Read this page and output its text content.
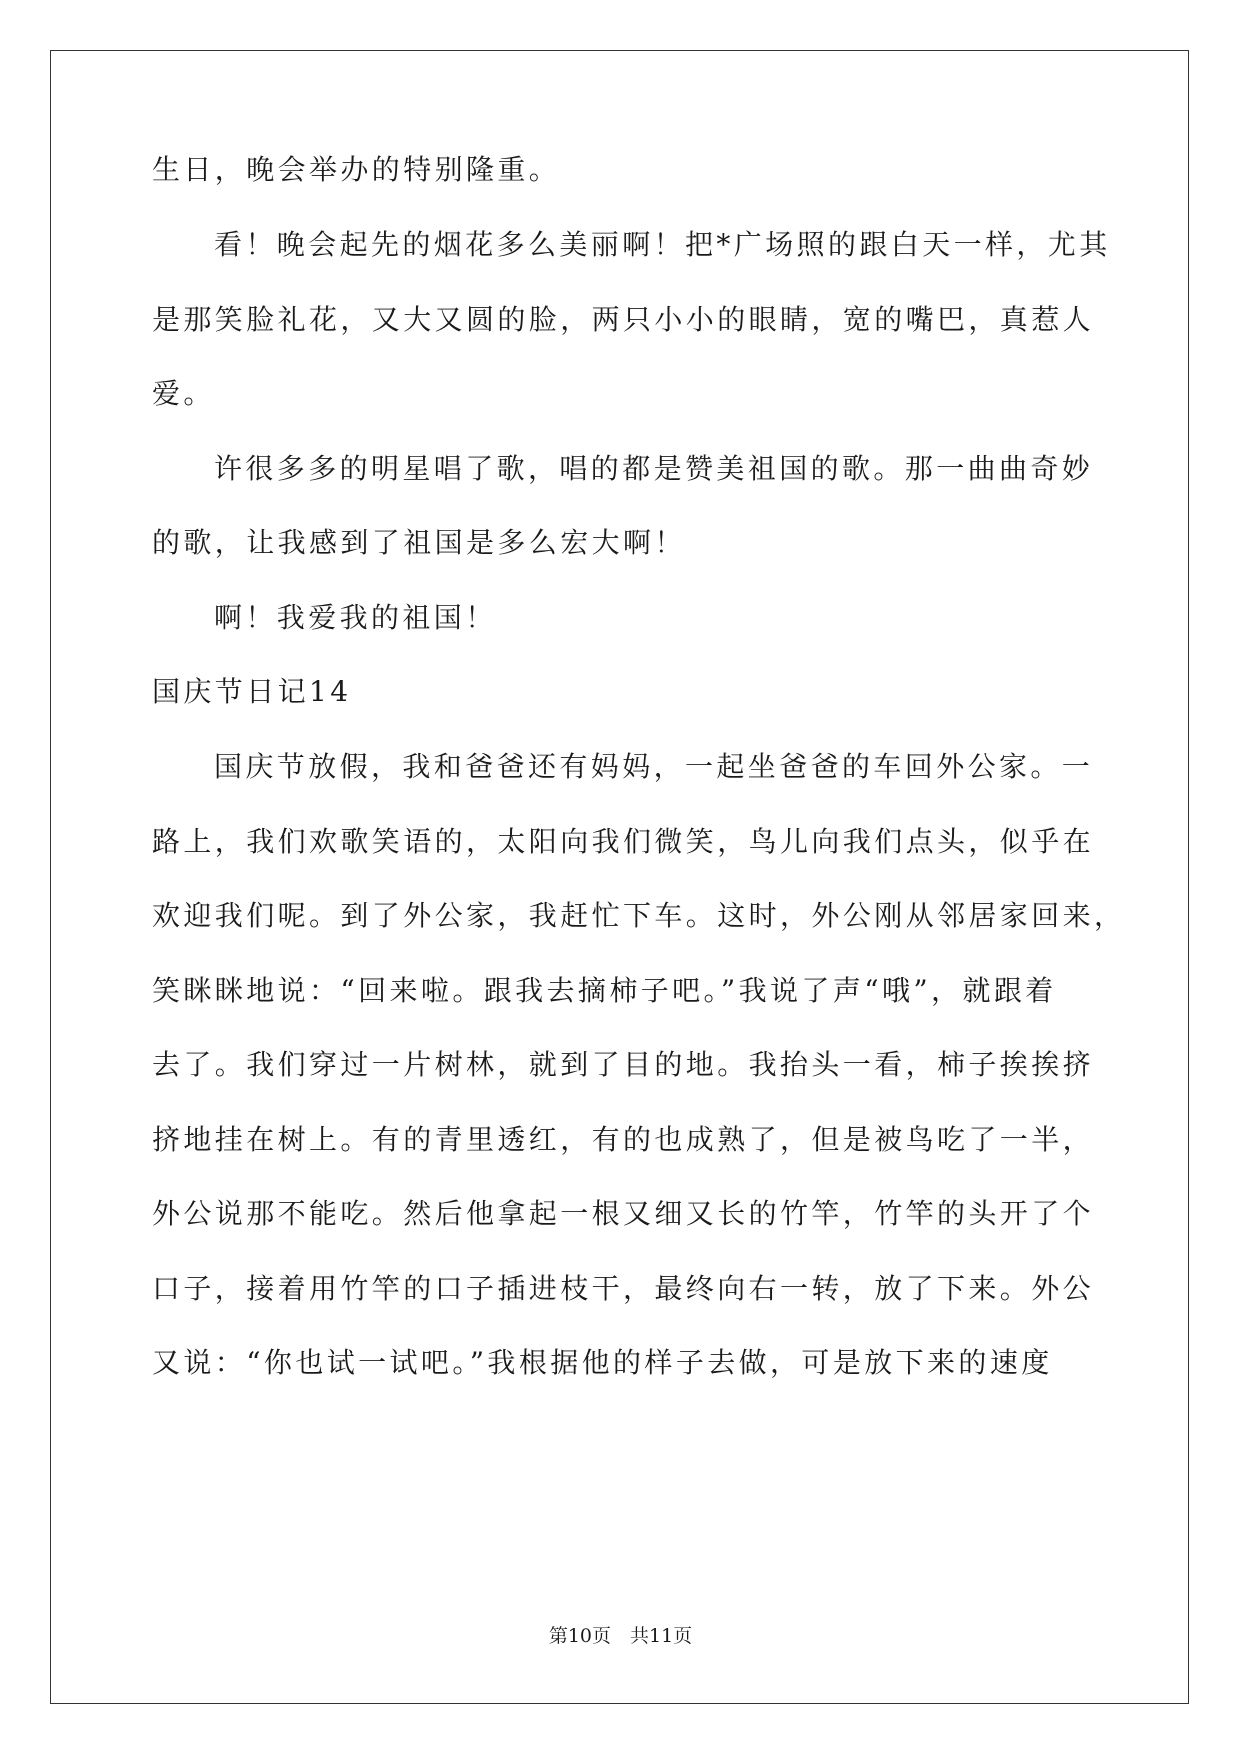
生日，晚会举办的特别隆重。
看！晚会起先的烟花多么美丽啊！把*广场照的跟白天一样，尤其
是那笑脸礼花，又大又圆的脸，两只小小的眼睛，宽的嘴巴，真惹人
爱。
许很多多的明星唱了歌，唱的都是赞美祖国的歌。那一曲曲奇妙
的歌，让我感到了祖国是多么宏大啊！
啊！我爱我的祖国！
国庆节日记14
国庆节放假，我和爸爸还有妈妈，一起坐爸爸的车回外公家。一
路上，我们欢歌笑语的，太阳向我们微笑，鸟儿向我们点头，似乎在
欢迎我们呢。到了外公家，我赶忙下车。这时，外公刚从邻居家回来，
笑眯眯地说：“回来啦。跟我去摘柿子吧。”我说了声“哦”，就跟着
去了。我们穿过一片树林，就到了目的地。我抬头一看，柿子挨挨挤
挤地挂在树上。有的青里透红，有的也成熟了，但是被鸟吃了一半，
外公说那不能吃。然后他拿起一根又细又长的竹竿，竹竿的头开了个
口子，接着用竹竿的口子插进枝干，最终向右一转，放了下来。外公
又说：“你也试一试吧。”我根据他的样子去做，可是放下来的速度
第10页　共11页
